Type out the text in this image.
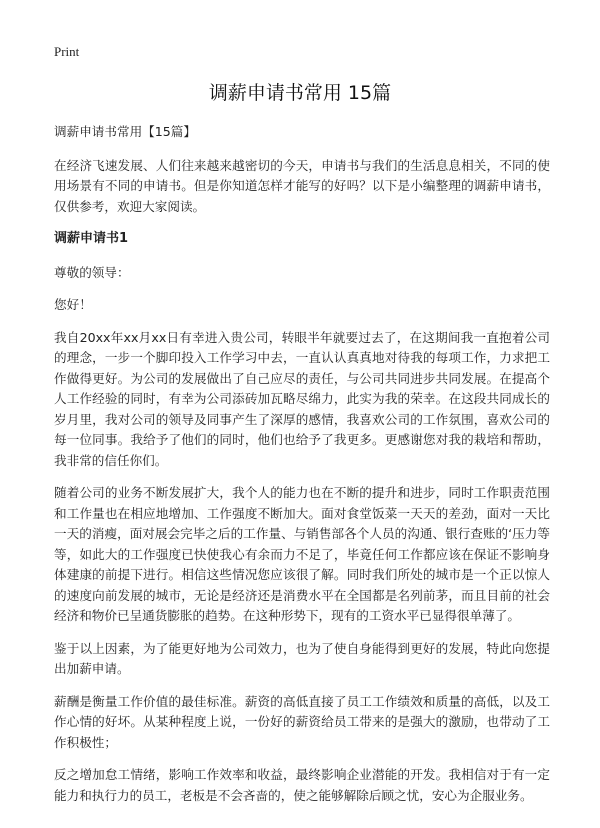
Print
调薪申请书常用 15篇

调薪申请书常用【15篇】

在经济飞速发展、人们往来越来越密切的今天，申请书与我们的生活息息相关，不同的使用场景有不同的申请书。但是你知道怎样才能写的好吗？以下是小编整理的调薪申请书，仅供参考，欢迎大家阅读。

调薪申请书1

尊敬的领导：

您好！

我自20xx年xx月xx日有幸进入贵公司，转眼半年就要过去了，在这期间我一直抱着公司的理念，一步一个脚印投入工作学习中去，一直认认真真地对待我的每项工作，力求把工作做得更好。为公司的发展做出了自己应尽的责任，与公司共同进步共同发展。在提高个人工作经验的同时，有幸为公司添砖加瓦略尽绵力，此实为我的荣幸。在这段共同成长的岁月里，我对公司的领导及同事产生了深厚的感情，我喜欢公司的工作氛围，喜欢公司的每一位同事。我给予了他们的同时，他们也给予了我更多。更感谢您对我的栽培和帮助，我非常的信任你们。

随着公司的业务不断发展扩大，我个人的能力也在不断的提升和进步，同时工作职责范围和工作量也在相应地增加、工作强度不断加大。面对食堂饭菜一天天的差劲，面对一天比一天的消瘦，面对展会完毕之后的工作量、与销售部各个人员的沟通、银行查账的‘压力等等，如此大的工作强度已快使我心有余而力不足了，毕竟任何工作都应该在保证不影响身体建康的前提下进行。相信这些情况您应该很了解。同时我们所处的城市是一个正以惊人的速度向前发展的城市，无论是经济还是消费水平在全国都是名列前茅，而且目前的社会经济和物价已呈通货膨胀的趋势。在这种形势下，现有的工资水平已显得很单薄了。

鉴于以上因素，为了能更好地为公司效力，也为了使自身能得到更好的发展，特此向您提出加薪申请。

薪酬是衡量工作价值的最佳标准。薪资的高低直接了员工工作绩效和质量的高低，以及工作心情的好坏。从某种程度上说，一份好的薪资给员工带来的是强大的激励，也带动了工作积极性；

反之增加怠工情绪，影响工作效率和收益，最终影响企业潜能的开发。我相信对于有一定能力和执行力的员工，老板是不会吝啬的，使之能够解除后顾之忧，安心为企服业务。
